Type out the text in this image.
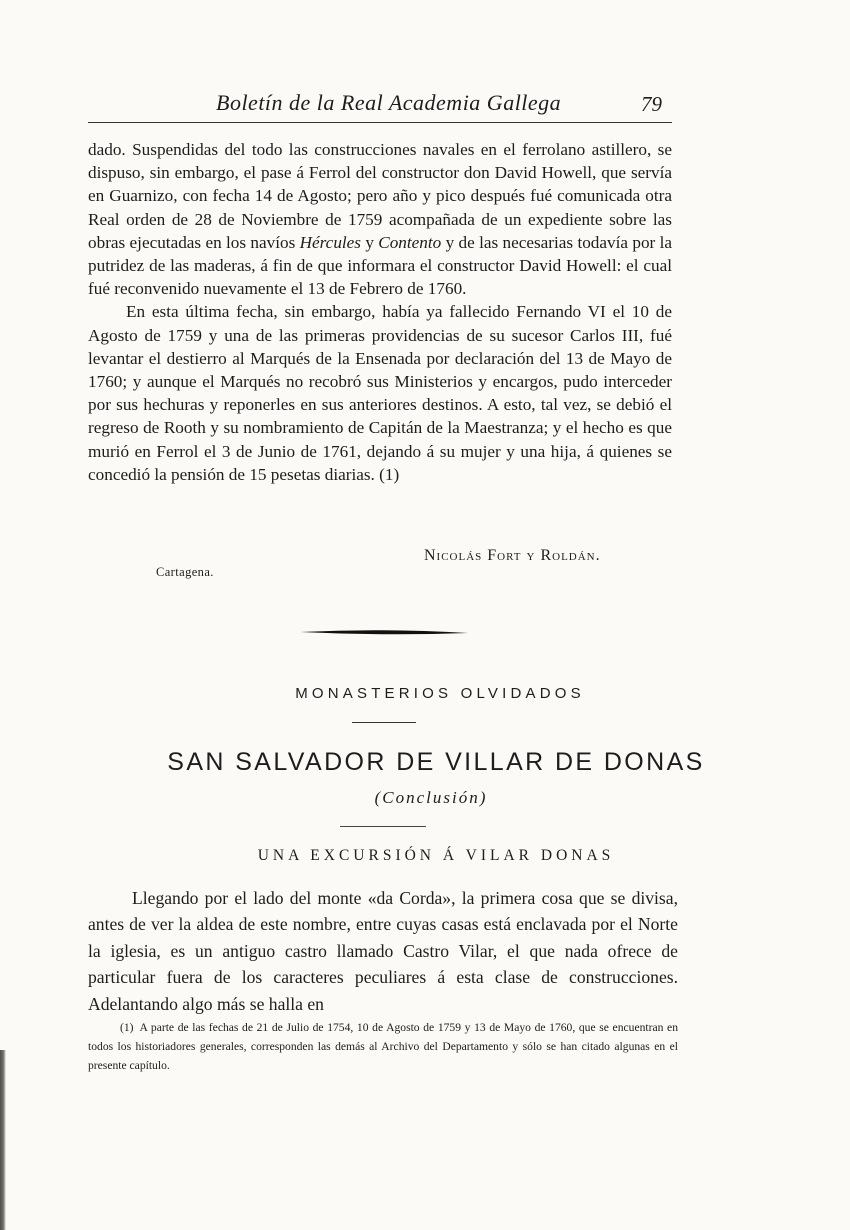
Boletín de la Real Academia Gallega	79

dado. Suspendidas del todo las construcciones navales en el ferrolano astillero, se dispuso, sin embargo, el pase á Ferrol del constructor don David Howell, que servía en Guarnizo, con fecha 14 de Agosto; pero año y pico después fué comunicada otra Real orden de 28 de Noviembre de 1759 acompañada de un expediente sobre las obras ejecutadas en los navíos Hércules y Contento y de las necesarias todavía por la putridez de las maderas, á fin de que informara el constructor David Howell: el cual fué reconvenido nuevamente el 13 de Febrero de 1760.

En esta última fecha, sin embargo, había ya fallecido Fernando VI el 10 de Agosto de 1759 y una de las primeras providencias de su sucesor Carlos III, fué levantar el destierro al Marqués de la Ensenada por declaración del 13 de Mayo de 1760; y aunque el Marqués no recobró sus Ministerios y encargos, pudo interceder por sus hechuras y reponerles en sus anteriores destinos. A esto, tal vez, se debió el regreso de Rooth y su nombramiento de Capitán de la Maestranza; y el hecho es que murió en Ferrol el 3 de Junio de 1761, dejando á su mujer y una hija, á quienes se concedió la pensión de 15 pesetas diarias. (1)

Nicolás Fort y Roldán.
Cartagena.
MONASTERIOS OLVIDADOS
SAN SALVADOR DE VILLAR DE DONAS
(Conclusión)
UNA EXCURSIÓN Á VILAR DONAS

Llegando por el lado del monte «da Corda», la primera cosa que se divisa, antes de ver la aldea de este nombre, entre cuyas casas está enclavada por el Norte la iglesia, es un antiguo castro llamado Castro Vilar, el que nada ofrece de particular fuera de los caracteres peculiares á esta clase de construcciones. Adelantando algo más se halla en

(1) A parte de las fechas de 21 de Julio de 1754, 10 de Agosto de 1759 y 13 de Mayo de 1760, que se encuentran en todos los historiadores generales, corresponden las demás al Archivo del Departamento y sólo se han citado algunas en el presente capítulo.
